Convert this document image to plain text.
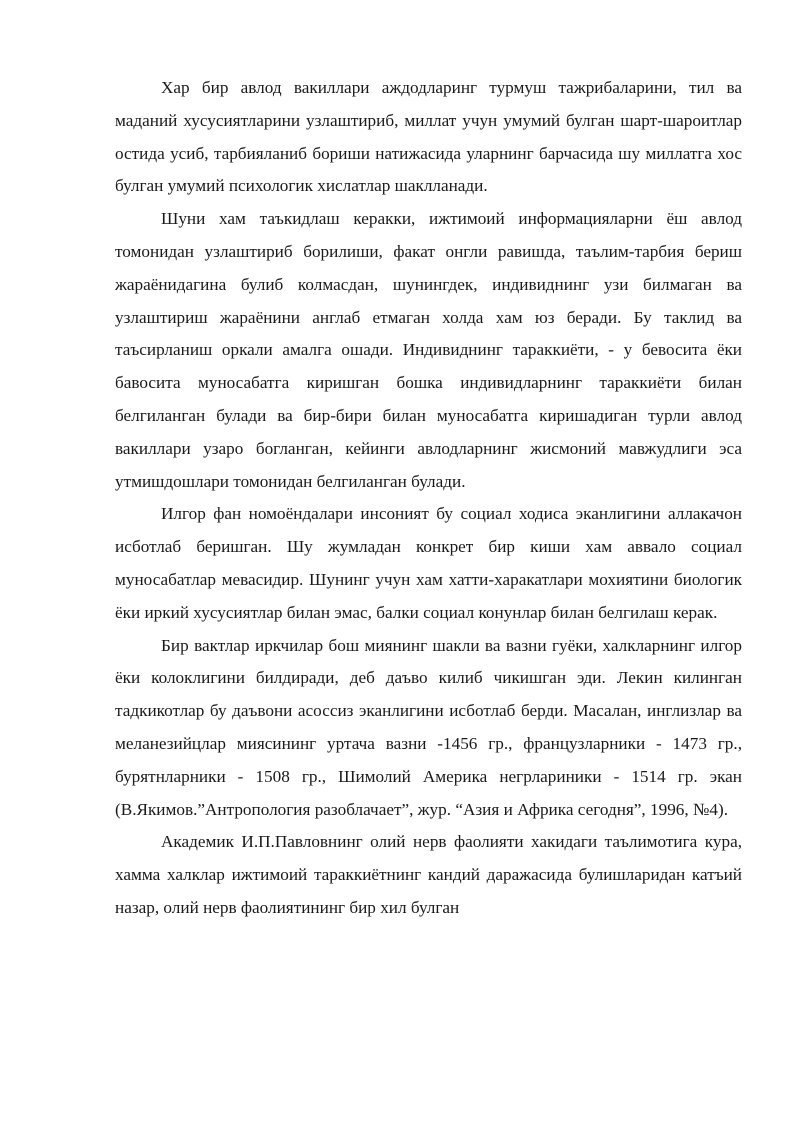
Хар бир авлод вакиллари аждодларинг турмуш тажрибаларини, тил ва маданий хусусиятларини узлаштириб, миллат учун умумий булган шарт-шароитлар остида усиб, тарбияланиб бориши натижасида уларнинг барчасида шу миллатга хос булган умумий психологик хислатлар шаклланади.

Шуни хам таъкидлаш керакки, ижтимоий информацияларни ёш авлод томонидан узлаштириб борилиши, факат онгли равишда, таълим-тарбия бериш жараёнидагина булиб колмасдан, шунингдек, индивиднинг узи билмаган ва узлаштириш жараёнини англаб етмаган холда хам юз беради. Бу таклид ва таъсирланиш оркали амалга ошади. Индивиднинг тараккиёти, - у бевосита ёки бавосита муносабатга киришган бошка индивидларнинг тараккиёти билан белгиланган булади ва бир-бири билан муносабатга киришадиган турли авлод вакиллари узаро богланган, кейинги авлодларнинг жисмоний мавжудлиги эса утмишдошлари томонидан белгиланган булади.

Илгор фан номоёндалари инсоният бу социал ходиса эканлигини аллакачон исботлаб беришган. Шу жумладан конкрет бир киши хам аввало социал муносабатлар мевасидир. Шунинг учун хам хатти-харакатлари мохиятини биологик ёки иркий хусусиятлар билан эмас, балки социал конунлар билан белгилаш керак.

Бир вактлар иркчилар бош миянинг шакли ва вазни гуёки, халкларнинг илгор ёки колоклигини билдиради, деб даъво килиб чикишган эди. Лекин килинган тадкикотлар бу даъвони асоссиз эканлигини исботлаб берди. Масалан, инглизлар ва меланезийцлар миясининг уртача вазни -1456 гр., французларники - 1473 гр., бурятнларники - 1508 гр., Шимолий Америка негрлариники - 1514 гр. экан (В.Якимов.”Антропология разоблачает”, жур. “Азия и Африка сегодня”, 1996, №4).

Академик И.П.Павловнинг олий нерв фаолияти хакидаги таълимотига кура, хамма халклар ижтимоий тараккиётнинг кандий даражасида булишларидан катъий назар, олий нерв фаолиятининг бир хил булган
